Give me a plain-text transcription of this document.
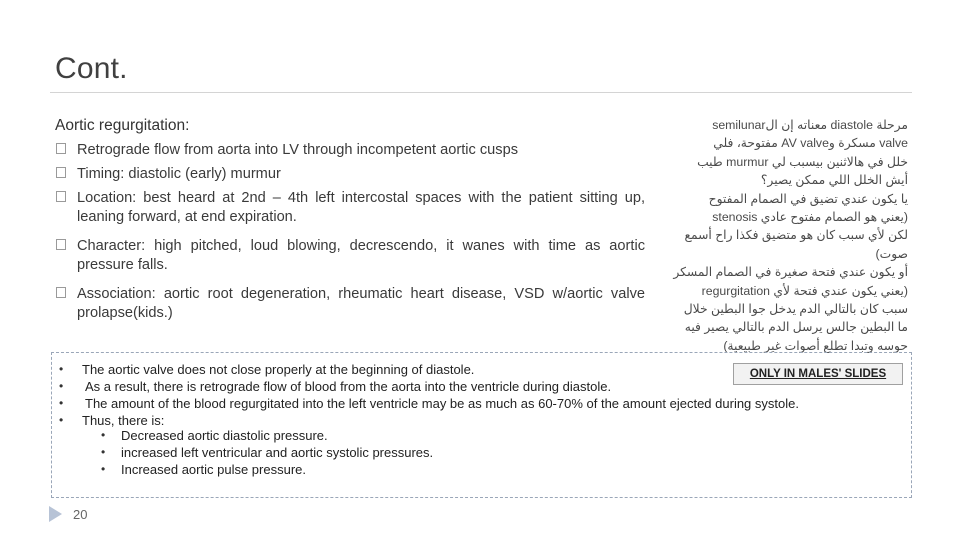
Cont.
Aortic regurgitation:
Retrograde flow from aorta into LV through incompetent aortic cusps
Timing: diastolic (early) murmur
Location: best heard at 2nd – 4th left intercostal spaces with the patient sitting up, leaning forward, at end expiration.
Character: high pitched, loud blowing, decrescendo, it wanes with time as aortic pressure falls.
Association: aortic root degeneration, rheumatic heart disease, VSD w/aortic valve prolapse(kids.)
مرحلة diastole معناته إن الsemilunar
valve مسكرة وAV valve مفتوحة، فلي
خلل في هالاثنين بيسبب لي murmur طيب
أيش الخلل اللي ممكن يصير؟
يا يكون عندي تضيق في الصمام المفتوح
(يعني هو الصمام مفتوح عادي stenosis
لكن لأي سبب كان هو متضيق فكذا راح أسمع
صوت)
أو يكون عندي فتحة صغيرة في الصمام المسكر
(يعني يكون عندي فتحة لأي regurgitation
سبب كان بالتالي الدم يدخل جوا البطين خلال
ما البطين جالس يرسل الدم بالتالي يصير فيه
حوسه وتبدا تطلع أصوات غير طبيعية)
ONLY IN MALES' SLIDES
•
•
•
•
The aortic valve does not close properly at the beginning of diastole.
As a result, there is retrograde flow of blood from the aorta into the ventricle during diastole.
The amount of the blood regurgitated into the left ventricle may be as much as 60-70% of the amount ejected during systole.
Thus, there is:
•
•
•
Decreased aortic diastolic pressure.
increased left ventricular and aortic systolic pressures.
Increased aortic pulse pressure.
20
